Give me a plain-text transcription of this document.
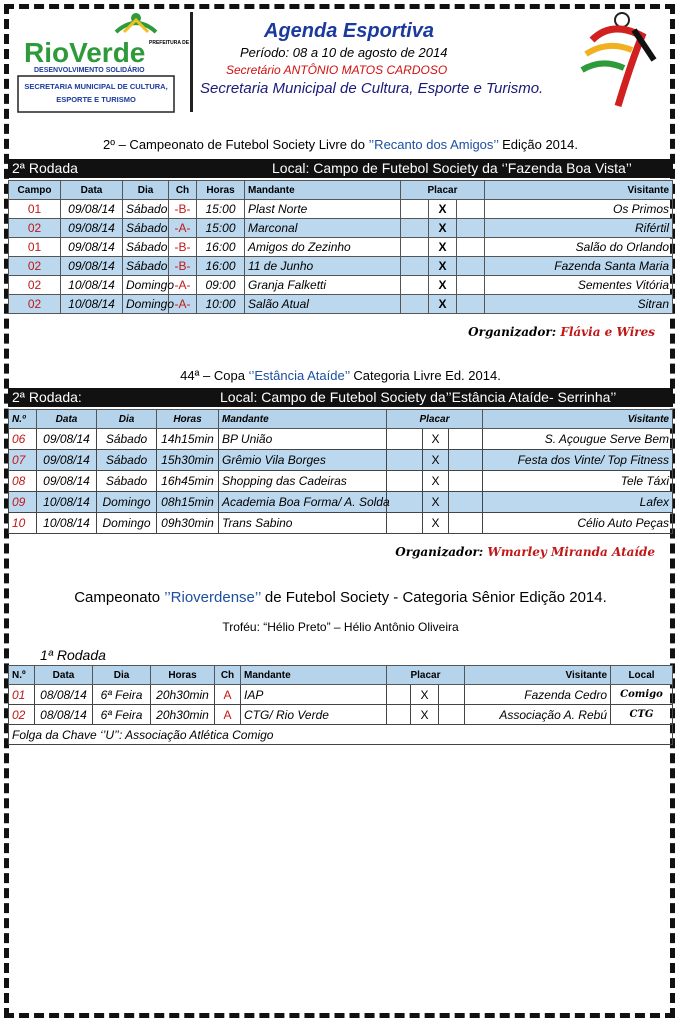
PREFEITURA DE
RioVerde
DESENVOLVIMENTO SOLIDÁRIO
SECRETARIA MUNICIPAL DE CULTURA,
ESPORTE E TURISMO
Agenda Esportiva
Período: 08 a 10 de agosto de 2014
Secretário ANTÔNIO MATOS CARDOSO
Secretaria Municipal de Cultura, Esporte e Turismo.
2º – Campeonato de Futebol Society Livre do ’’Recanto dos Amigos’’ Edição 2014.
2ª Rodada	Local: Campo de Futebol Society da ‘’Fazenda Boa Vista’’
Campo	Data	Dia	Ch	Horas	Mandante	Placar			Visitante
01	09/08/14	Sábado	-B-	15:00	Plast Norte		X		Os Primos
02	09/08/14	Sábado	-A-	15:00	Marconal		X		Rifértil
01	09/08/14	Sábado	-B-	16:00	Amigos do Zezinho		X		Salão do Orlando
02	09/08/14	Sábado	-B-	16:00	11 de Junho		X		Fazenda Santa Maria
02	10/08/14	Domingo	-A-	09:00	Granja Falketti		X		Sementes Vitória
02	10/08/14	Domingo	-A-	10:00	Salão Atual		X		Sitran
Organizador: Flávia e Wires
44ª – Copa ‘’Estância Ataíde’’ Categoria Livre Ed. 2014.
2ª Rodada:	Local: Campo de Futebol Society da’’Estância Ataíde- Serrinha’’
N.º	Data	Dia	Horas	Mandante	Placar			Visitante
06	09/08/14	Sábado	14h15min	BP União		X		S. Açougue Serve Bem
07	09/08/14	Sábado	15h30min	Grêmio Vila Borges		X		Festa dos Vinte/ Top Fitness
08	09/08/14	Sábado	16h45min	Shopping das Cadeiras		X		Tele Táxi
09	10/08/14	Domingo	08h15min	Academia Boa Forma/ A. Solda		X		Lafex
10	10/08/14	Domingo	09h30min	Trans Sabino		X		Célio Auto Peças
Organizador: Wmarley Miranda Ataíde
Campeonato ’’Rioverdense’’ de Futebol Society - Categoria Sênior Edição 2014.
Troféu: “Hélio Preto” – Hélio Antônio Oliveira
1ª Rodada
N.º	Data	Dia	Horas	Ch	Mandante	Placar			Visitante	Local
01	08/08/14	6ª Feira	20h30min	A	IAP		X		Fazenda Cedro	Comigo
02	08/08/14	6ª Feira	20h30min	A	CTG/ Rio Verde		X		Associação A. Rebú	CTG
Folga da Chave ‘’U’’: Associação Atlética Comigo										
